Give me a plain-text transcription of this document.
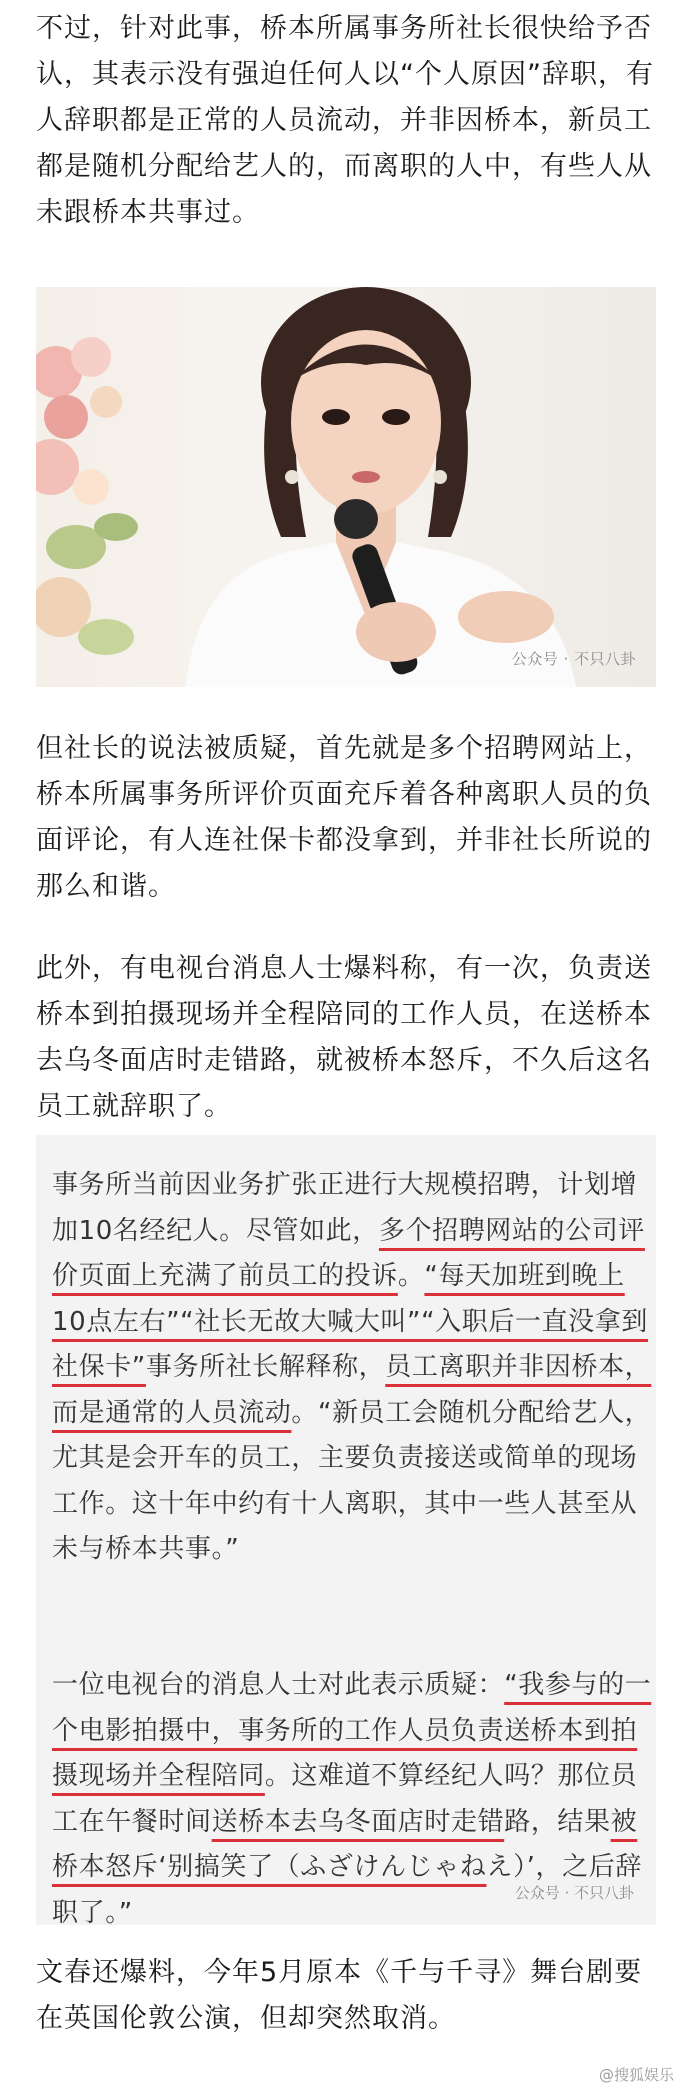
不过，针对此事，桥本所属事务所社长很快给予否认，其表示没有强迫任何人以“个人原因”辞职，有人辞职都是正常的人员流动，并非因桥本，新员工都是随机分配给艺人的，而离职的人中，有些人从未跟桥本共事过。

公众号 · 不只八卦

但社长的说法被质疑，首先就是多个招聘网站上，桥本所属事务所评价页面充斥着各种离职人员的负面评论，有人连社保卡都没拿到，并非社长所说的那么和谐。

此外，有电视台消息人士爆料称，有一次，负责送桥本到拍摄现场并全程陪同的工作人员，在送桥本去乌冬面店时走错路，就被桥本怒斥，不久后这名员工就辞职了。

事务所当前因业务扩张正进行大规模招聘，计划增加10名经纪人。尽管如此，多个招聘网站的公司评价页面上充满了前员工的投诉。“每天加班到晚上10点左右”“社长无故大喊大叫”“入职后一直没拿到社保卡”事务所社长解释称，员工离职并非因桥本，而是通常的人员流动。“新员工会随机分配给艺人，尤其是会开车的员工，主要负责接送或简单的现场工作。这十年中约有十人离职，其中一些人甚至从未与桥本共事。”

一位电视台的消息人士对此表示质疑：“我参与的一个电影拍摄中，事务所的工作人员负责送桥本到拍摄现场并全程陪同。这难道不算经纪人吗？那位员工在午餐时间送桥本去乌冬面店时走错路，结果被桥本怒斥‘别搞笑了（ふざけんじゃねえ）’，之后辞职了。”

公众号 · 不只八卦

文春还爆料，今年5月原本《千与千寻》舞台剧要在英国伦敦公演，但却突然取消。

@搜狐娱乐
